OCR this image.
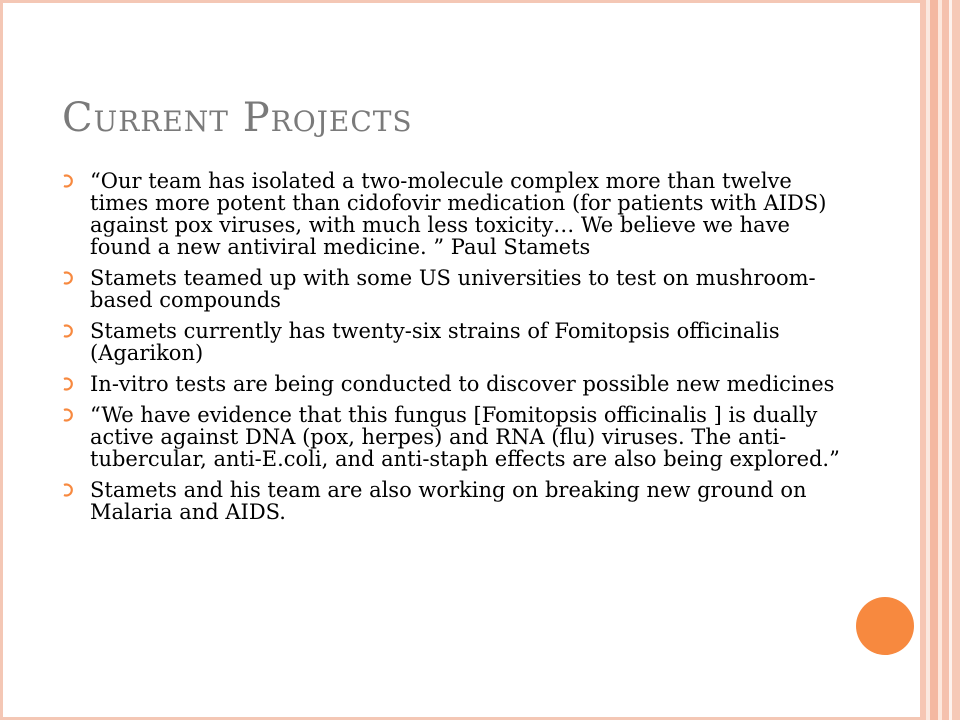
Current Projects
“Our team has isolated a two-molecule complex more than twelve times more potent than cidofovir medication (for patients with AIDS) against pox viruses, with much less toxicity… We believe we have found a new antiviral medicine. ” Paul Stamets
Stamets teamed up with some US universities to test on mushroom-based compounds
Stamets currently has twenty-six strains of Fomitopsis officinalis (Agarikon)
In-vitro tests are being conducted to discover possible new medicines
“We have evidence that this fungus [Fomitopsis officinalis ] is dually active against DNA (pox, herpes) and RNA (flu) viruses. The anti-tubercular, anti-E.coli, and anti-staph effects are also being explored.”
Stamets and his team are also working on breaking new ground on Malaria and AIDS.
